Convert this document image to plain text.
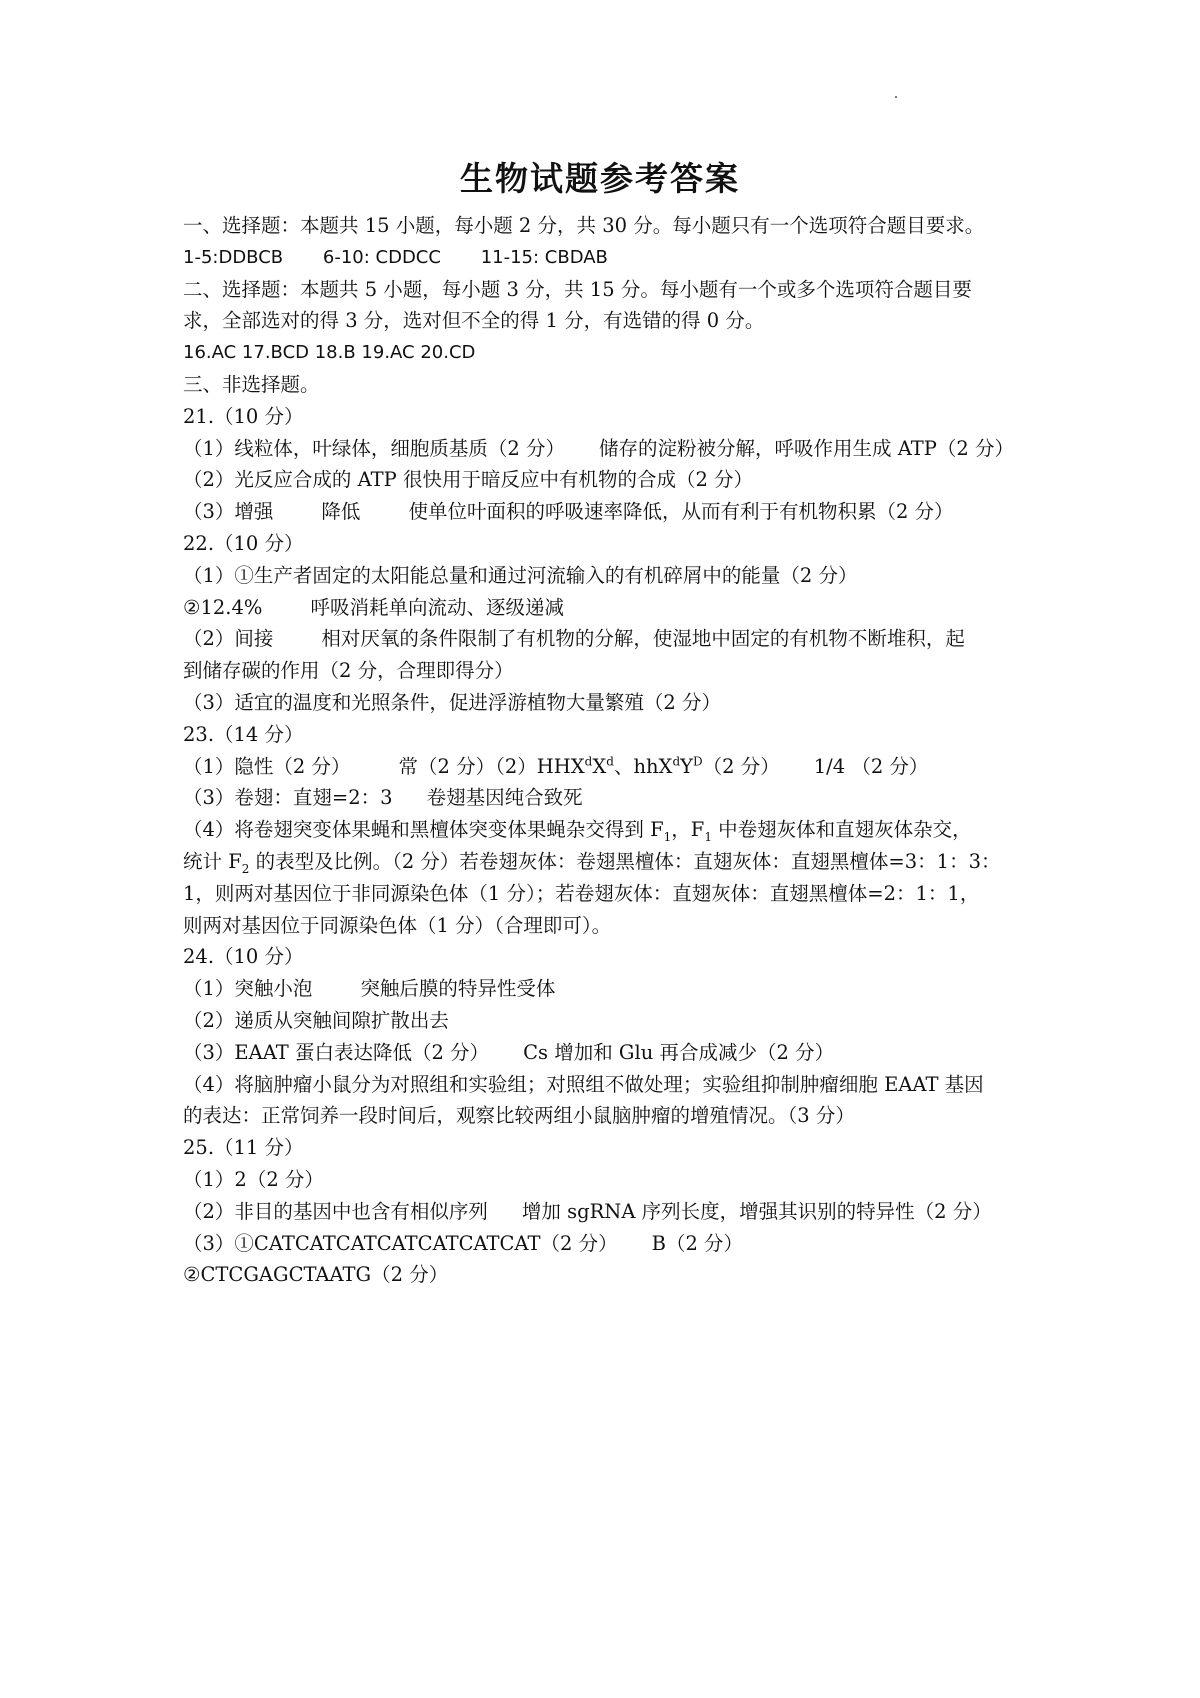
生物试题参考答案
一、选择题：本题共 15 小题，每小题 2 分，共 30 分。每小题只有一个选项符合题目要求。
1-5:DDBCB 6-10: CDDCC 11-15: CBDAB
二、选择题：本题共 5 小题，每小题 3 分，共 15 分。每小题有一个或多个选项符合题目要
求，全部选对的得 3 分，选对但不全的得 1 分，有选错的得 0 分。
16.AC 17.BCD 18.B 19.AC 20.CD
三、非选择题。
21.（10 分）
（1）线粒体，叶绿体，细胞质基质（2 分） 储存的淀粉被分解，呼吸作用生成 ATP（2 分）
（2）光反应合成的 ATP 很快用于暗反应中有机物的合成（2 分）
（3）增强 降低 使单位叶面积的呼吸速率降低，从而有利于有机物积累（2 分）
22.（10 分）
（1）①生产者固定的太阳能总量和通过河流输入的有机碎屑中的能量（2 分）
②12.4% 呼吸消耗单向流动、逐级递减
（2）间接 相对厌氧的条件限制了有机物的分解，使湿地中固定的有机物不断堆积，起
到储存碳的作用（2 分，合理即得分）
（3）适宜的温度和光照条件，促进浮游植物大量繁殖（2 分）
23.（14 分）
（1）隐性（2 分） 常（2 分）$(2)HHX^dX^d$、$hhX^dY^D(2$ 分） 1/4 （2 分）
（3）卷翅：直翅=2：3 卷翅基因纯合致死
（4）将卷翅突变体果蝇和黑檀体突变体果蝇杂交得到 $F_1$，$F_1$ 中卷翅灰体和直翅灰体杂交，
统计 $F_2$ 的表型及比例。（2 分）若卷翅灰体：卷翅黑檀体：直翅灰体：直翅黑檀体=3：1：3：
1，则两对基因位于非同源染色体（1 分）；若卷翅灰体：直翅灰体：直翅黑檀体=2：1：1，
则两对基因位于同源染色体（1 分）（合理即可）。
24.（10 分）
（1）突触小泡 突触后膜的特异性受体
（2）递质从突触间隙扩散出去
（3）EAAT 蛋白表达降低（2 分） Cs 增加和 Glu 再合成减少（2 分）
（4）将脑肿瘤小鼠分为对照组和实验组；对照组不做处理；实验组抑制肿瘤细胞 EAAT 基因
的表达：正常饲养一段时间后，观察比较两组小鼠脑肿瘤的增殖情况。（3 分）
25.（11 分）
（1）2（2 分）
（2）非目的基因中也含有相似序列 增加 sgRNA 序列长度，增强其识别的特异性（2 分）
（3）①CATCATCATCATCATCATCAT（2 分） B（2 分）
②CTCGAGCTAATG（2 分）
